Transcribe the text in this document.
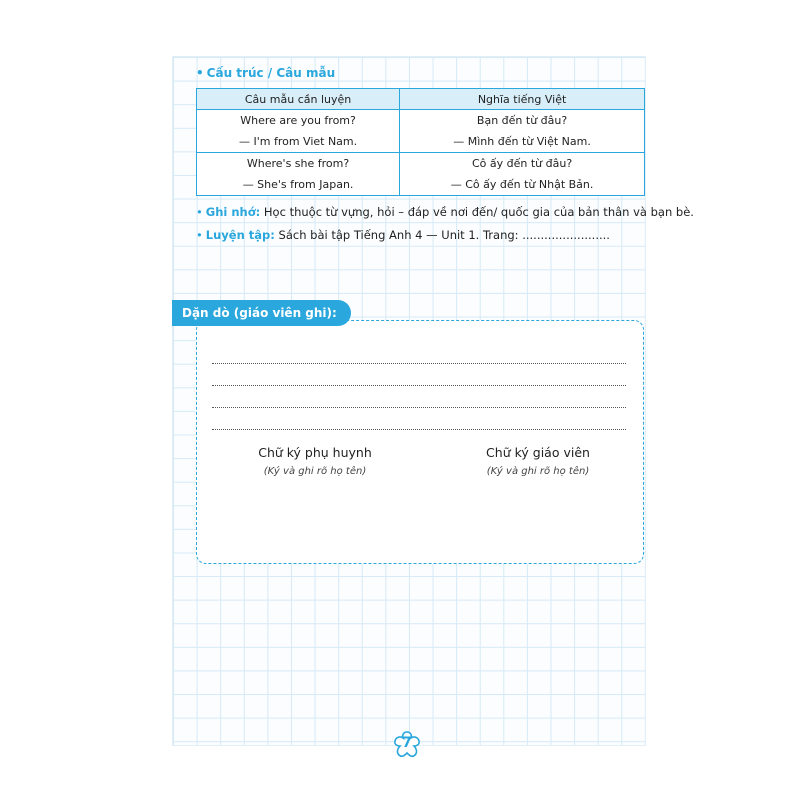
• Cấu trúc / Câu mẫu
Câu mẫu cần luyện	Nghĩa tiếng Việt
Where are you from?	Bạn đến từ đâu?
— I'm from Viet Nam.	— Mình đến từ Việt Nam.
Where's she from?	Cô ấy đến từ đâu?
— She's from Japan.	— Cô ấy đến từ Nhật Bản.
• Ghi nhớ: Học thuộc từ vựng, hỏi – đáp về nơi đến/ quốc gia của bản thân và bạn bè.
• Luyện tập: Sách bài tập Tiếng Anh 4 — Unit 1. Trang: ........................
Dặn dò (giáo viên ghi):
Chữ ký phụ huynh
(Ký và ghi rõ họ tên)
Chữ ký giáo viên
(Ký và ghi rõ họ tên)
7
